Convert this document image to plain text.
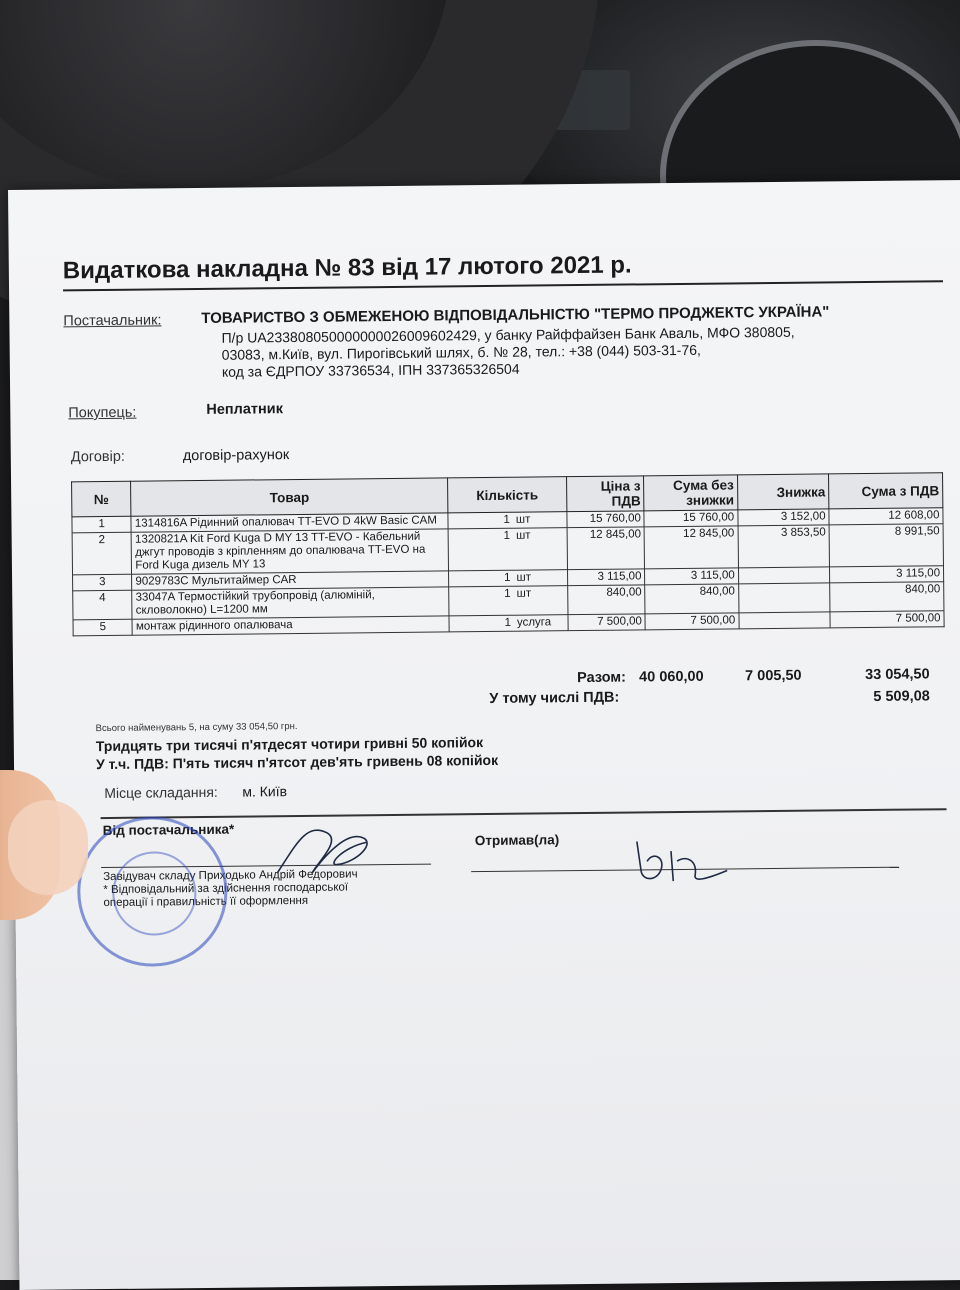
Видаткова накладна № 83 від 17 лютого 2021 р.
Постачальник:	ТОВАРИСТВО З ОБМЕЖЕНОЮ ВІДПОВІДАЛЬНІСТЮ "ТЕРМО ПРОДЖЕКТС УКРАЇНА"
П/р UA233808050000000026009602429, у банку Райффайзен Банк Аваль, МФО 380805,
03083, м.Київ, вул. Пирогівський шлях, б. № 28, тел.: +38 (044) 503-31-76,
код за ЄДРПОУ 33736534, ІПН 337365326504
Покупець:	Неплатник
Договір:	договір-рахунок
№	Товар	Кількість		Ціна з ПДВ	Сума без знижки	Знижка	Сума з ПДВ
1	1314816A Рідинний опалювач TT-EVO D 4kW Basic CAM	1	шт	15 760,00	15 760,00	3 152,00	12 608,00
2	1320821A Kit Ford Kuga D MY 13 TT-EVO - Кабельний джгут проводів з кріпленням до опалювача TT-EVO на Ford Kuga дизель MY 13	1	шт	12 845,00	12 845,00	3 853,50	8 991,50
3	9029783C Мультитаймер CAR	1	шт	3 115,00	3 115,00		3 115,00
4	33047A Термостійкий трубопровід (алюміній, скловолокно) L=1200 мм	1	шт	840,00	840,00		840,00
5	монтаж рідинного опалювача	1	услуга	7 500,00	7 500,00		7 500,00
Разом: 40 060,00	7 005,50	33 054,50
У тому числі ПДВ:	5 509,08
Всього найменувань 5, на суму 33 054,50 грн.
Тридцять три тисячі п'ятдесят чотири гривні 50 копійок
У т.ч. ПДВ: П'ять тисяч п'ятсот дев'ять гривень 08 копійок
Місце складання: м. Київ
Від постачальника*
Отримав(ла)
Завідувач складу Приходько Андрій Федорович
* Відповідальний за здійснення господарської
операції і правильність її оформлення
